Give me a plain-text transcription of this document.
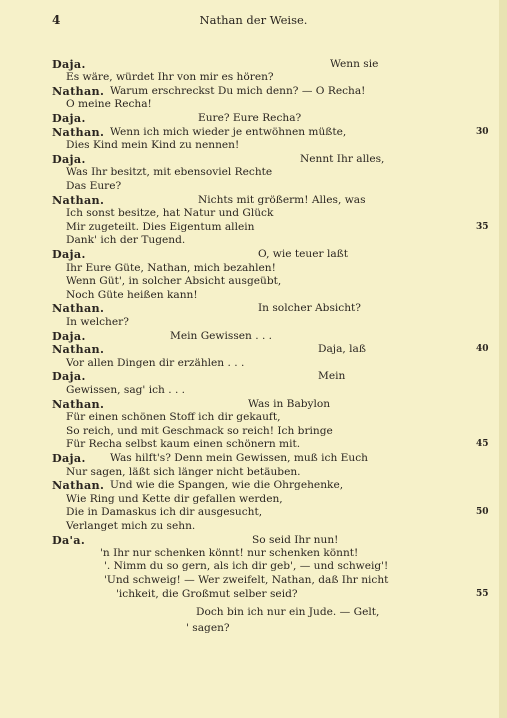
4	Nathan der Weise.
Daja.	Wenn sie
Es wäre, würdet Ihr von mir es hören?
Nathan. Warum erschreckst Du mich denn? — O Recha!
O meine Recha!
Daja.	Eure? Eure Recha?
Nathan. Wenn ich mich wieder je entwöhnen müßte,	30
Dies Kind mein Kind zu nennen!
Daja.	Nennt Ihr alles,
Was Ihr besitzt, mit ebensoviel Rechte
Das Eure?
Nathan.	Nichts mit größerm! Alles, was
Ich sonst besitze, hat Natur und Glück
Mir zugeteilt. Dies Eigentum allein	35
Dank' ich der Tugend.
Daja.	O, wie teuer laßt
Ihr Eure Güte, Nathan, mich bezahlen!
Wenn Güt', in solcher Absicht ausgeübt,
Noch Güte heißen kann!
Nathan.	In solcher Absicht?
In welcher?
Daja.	Mein Gewissen . . .
Nathan.	Daja, laß	40
Vor allen Dingen dir erzählen . . .
Daja.	Mein
Gewissen, sag' ich . . .
Nathan.	Was in Babylon
Für einen schönen Stoff ich dir gekauft,
So reich, und mit Geschmack so reich! Ich bringe
Für Recha selbst kaum einen schönern mit.	45
Daja. Was hilft's? Denn mein Gewissen, muß ich Euch
Nur sagen, läßt sich länger nicht betäuben.
Nathan. Und wie die Spangen, wie die Ohrgehenke,
Wie Ring und Kette dir gefallen werden,
Die in Damaskus ich dir ausgesucht,	50
Verlanget mich zu sehn.
Da'a.	So seid Ihr nun!
'n Ihr nur schenken könnt! nur schenken könnt!
'. Nimm du so gern, als ich dir geb', — und schweig'!
'Und schweig! — Wer zweifelt, Nathan, daß Ihr nicht
'ichkeit, die Großmut selber seid?	55
Doch bin ich nur ein Jude. — Gelt,
' sagen?
